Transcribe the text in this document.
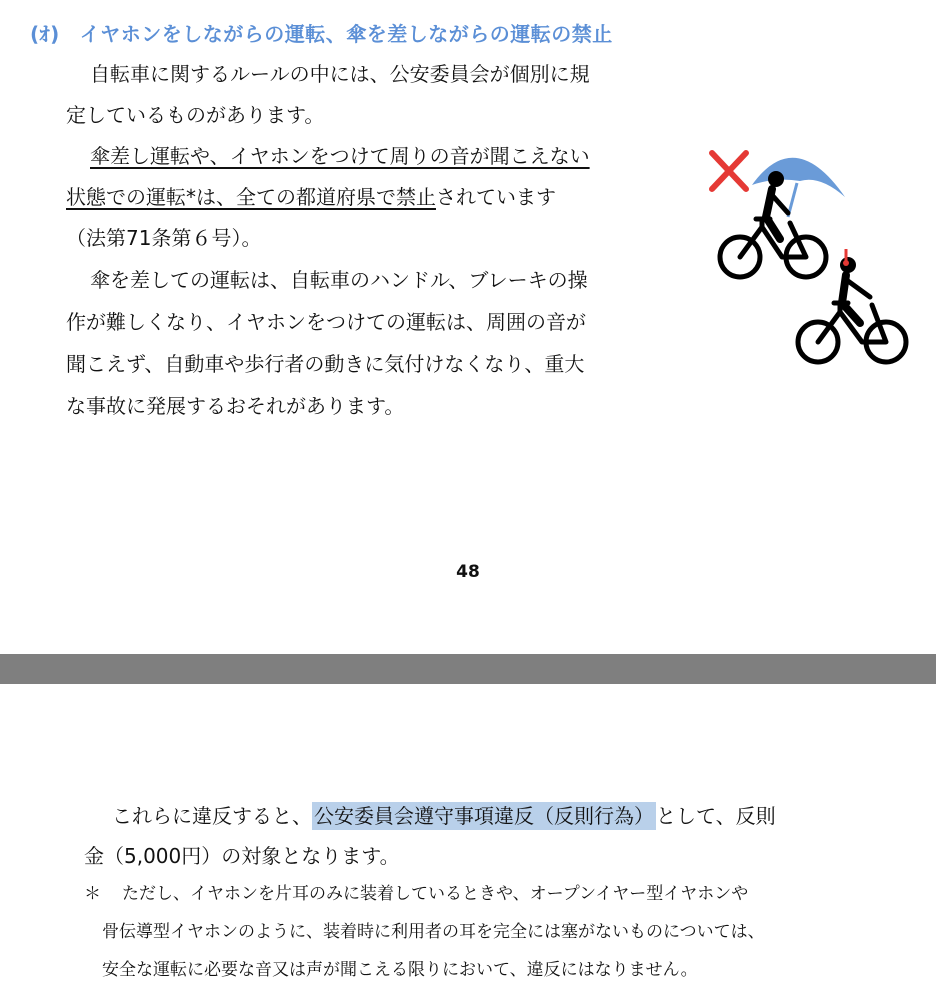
(ｵ) イヤホンをしながらの運転、傘を差しながらの運転の禁止
自転車に関するルールの中には、公安委員会が個別に規
定しているものがあります。
傘差し運転や、イヤホンをつけて周りの音が聞こえない
状態での運転*は、全ての都道府県で禁止されています
（法第71条第６号）。
傘を差しての運転は、自転車のハンドル、ブレーキの操
作が難しくなり、イヤホンをつけての運転は、周囲の音が
聞こえず、自動車や歩行者の動きに気付けなくなり、重大
な事故に発展するおそれがあります。
48
これらに違反すると、 公安委員会遵守事項違反（反則行為） として、反則
金（5,000円）の対象となります。
＊ ただし、イヤホンを片耳のみに装着しているときや、オープンイヤー型イヤホンや
骨伝導型イヤホンのように、装着時に利用者の耳を完全には塞がないものについては、
安全な運転に必要な音又は声が聞こえる限りにおいて、違反にはなりません。
